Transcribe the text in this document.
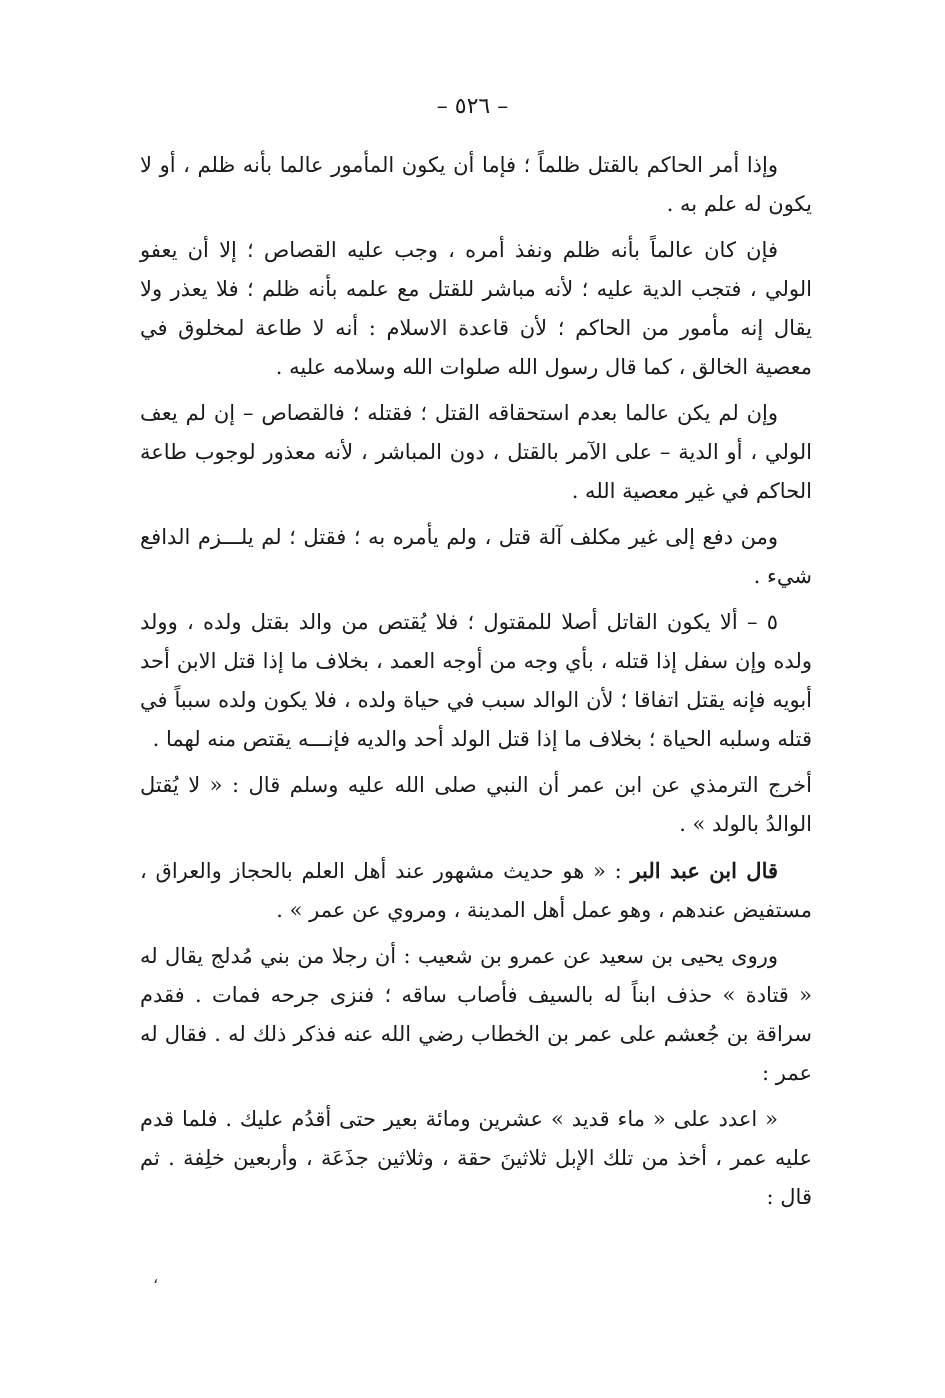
– ٥٢٦ –

وإذا أمر الحاكم بالقتل ظلماً ؛ فإما أن يكون المأمور عالما بأنه ظلم ، أو لا يكون له علم به .

فإن كان عالماً بأنه ظلم ونفذ أمره ، وجب عليه القصاص ؛ إلا أن يعفو الولي ، فتجب الدية عليه ؛ لأنه مباشر للقتل مع علمه بأنه ظلم ؛ فلا يعذر ولا يقال إنه مأمور من الحاكم ؛ لأن قاعدة الاسلام : أنه لا طاعة لمخلوق في معصية الخالق ، كما قال رسول الله صلوات الله وسلامه عليه .

وإن لم يكن عالما بعدم استحقاقه القتل ؛ فقتله ؛ فالقصاص – إن لم يعف الولي ، أو الدية – على الآمر بالقتل ، دون المباشر ، لأنه معذور لوجوب طاعة الحاكم في غير معصية الله .

ومن دفع إلى غير مكلف آلة قتل ، ولم يأمره به ؛ فقتل ؛ لم يلـــزم الدافع شيء .

٥ – ألا يكون القاتل أصلا للمقتول ؛ فلا يُقتص من والد بقتل ولده ، وولد ولده وإن سفل إذا قتله ، بأي وجه من أوجه العمد ، بخلاف ما إذا قتل الابن أحد أبويه فإنه يقتل اتفاقا ؛ لأن الوالد سبب في حياة ولده ، فلا يكون ولده سبباً في قتله وسلبه الحياة ؛ بخلاف ما إذا قتل الولد أحد والديه فإنـــه يقتص منه لهما .

أخرج الترمذي عن ابن عمر أن النبي صلى الله عليه وسلم قال : « لا يُقتل الوالدُ بالولد » .

قال ابن عبد البر : « هو حديث مشهور عند أهل العلم بالحجاز والعراق ، مستفيض عندهم ، وهو عمل أهل المدينة ، ومروي عن عمر » .

وروى يحيى بن سعيد عن عمرو بن شعيب : أن رجلا من بني مُدلج يقال له « قتادة » حذف ابناً له بالسيف فأصاب ساقه ؛ فنزى جرحه فمات . فقدم سراقة بن جُعشم على عمر بن الخطاب رضي الله عنه فذكر ذلك له . فقال له عمر :

« اعدد على « ماء قديد » عشرين ومائة بعير حتى أقدُم عليك . فلما قدم عليه عمر ، أخذ من تلك الإبل ثلاثينَ حقة ، وثلاثين جذَعَة ، وأربعين خلِفة . ثم قال :

،
